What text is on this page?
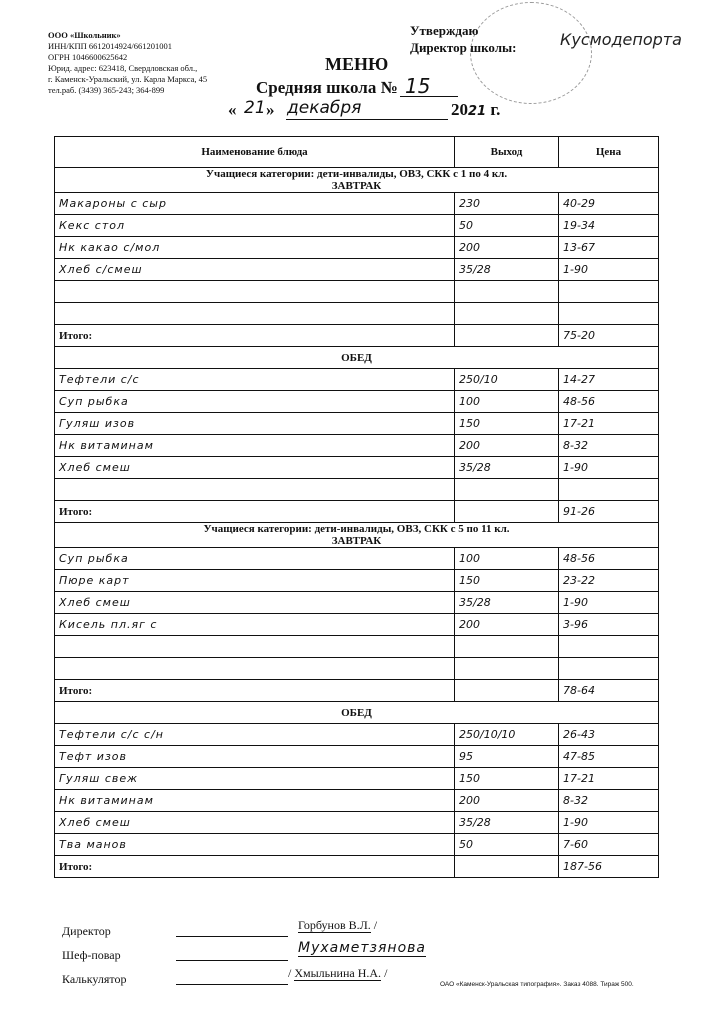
ООО «Школьник»
ИНН/КПП 6612014924/661201001
ОГРН 1046600625642
Юрид. адрес: 623418, Свердловская обл.,
г. Каменск-Уральский, ул. Карла Маркса, 45
тел.раб. (3439) 365-243; 364-899
Утверждаю
Директор школы:	Кусмодепорта
МЕНЮ
Средняя школа № 15
« 21 » декабря	2021 г.
Наименование блюда	Выход	Цена

Учащиеся категории: дети-инвалиды, ОВЗ, СКК с 1 по 4 кл.
ЗАВТРАК		

Макароны с сыр	230	40-29
Кекс стол	50	19-34
Нк какао с/мол	200	13-67
Хлеб с/смеш	35/28	1-90

Итого:		75-20

ОБЕД		

Тефтели с/с	250/10	14-27
Суп рыбка	100	48-56
Гуляш изов	150	17-21
Нк витаминам	200	8-32
Хлеб смеш	35/28	1-90

Итого:		91-26

Учащиеся категории: дети-инвалиды, ОВЗ, СКК с 5 по 11 кл.
ЗАВТРАК		

Суп рыбка	100	48-56
Пюре карт	150	23-22
Хлеб смеш	35/28	1-90
Кисель пл.яг с	200	3-96

Итого:		78-64

ОБЕД		

Тефтели с/с с/н	250/10/10	26-43
Тефт изов	95	47-85
Гуляш свеж	150	17-21
Нк витаминам	200	8-32
Хлеб смеш	35/28	1-90
Тва манов	50	7-60
Итого:		187-56
Директор	Горбунов В.Л. /
Шеф-повар	Мухаметзянова
Калькулятор	/ Хмыльнина Н.А. /
ОАО «Каменск-Уральская типография». Заказ 4088. Тираж 500.
